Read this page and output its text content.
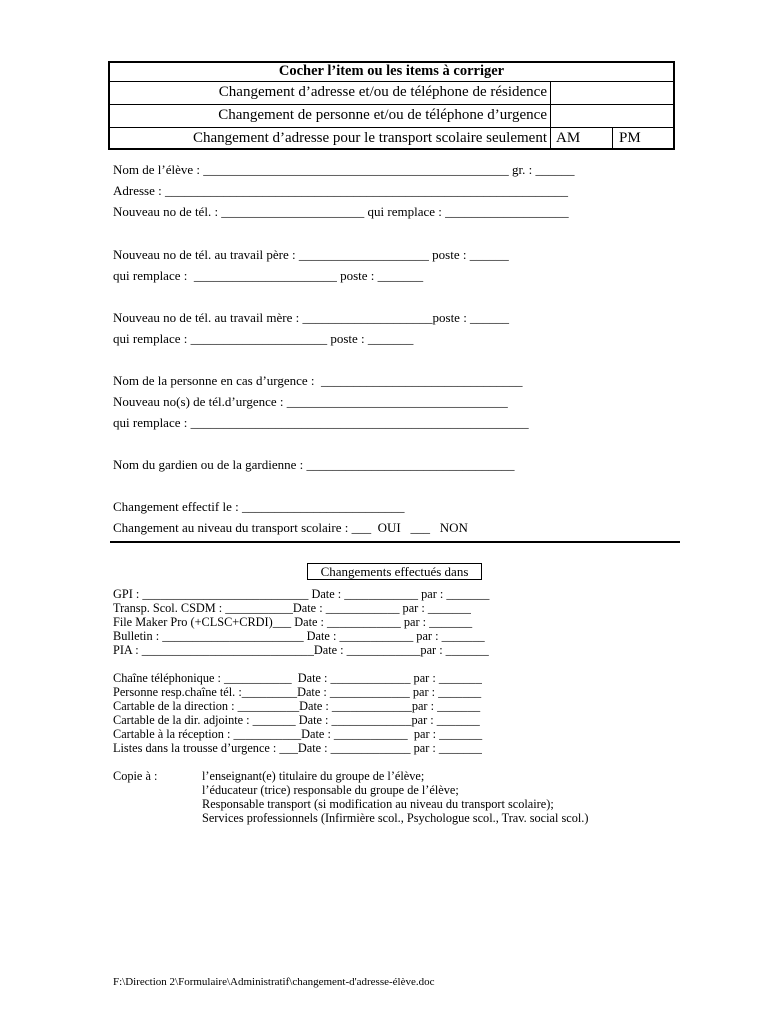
Cocher l’item ou les items à corriger
Changement d’adresse et/ou de téléphone de résidence
Changement de personne et/ou de téléphone d’urgence
Changement d’adresse pour le transport scolaire seulement AM	PM
Nom de l’élève : _______________________________________________ gr. : ______
Adresse : ______________________________________________________________
Nouveau no de tél. : ______________________ qui remplace : ___________________
Nouveau no de tél. au travail père : ____________________ poste : ______
qui remplace :  ______________________ poste : _______
Nouveau no de tél. au travail mère : ____________________poste : ______
qui remplace : _____________________ poste : _______
Nom de la personne en cas d’urgence :  _______________________________
Nouveau no(s) de tél.d’urgence : __________________________________
qui remplace : ____________________________________________________
Nom du gardien ou de la gardienne : ________________________________
Changement effectif le : _________________________
Changement au niveau du transport scolaire : ___  OUI   ___   NON
Changements effectués dans
GPI : ___________________________ Date : ____________ par : _______
Transp. Scol. CSDM : ___________Date : ____________ par : _______
File Maker Pro (+CLSC+CRDI)___ Date : ____________ par : _______
Bulletin : _______________________ Date : ____________ par : _______
PIA : ____________________________Date : ____________par : _______
Chaîne téléphonique : ___________  Date : _____________ par : _______
Personne resp.chaîne tél. :_________Date : _____________ par : _______
Cartable de la direction : __________Date : _____________par : _______
Cartable de la dir. adjointe : _______ Date : _____________par : _______
Cartable à la réception : ___________Date : ____________  par : _______
Listes dans la trousse d’urgence : ___Date : _____________ par : _______
Copie à :	l’enseignant(e) titulaire du groupe de l’élève;
l’éducateur (trice) responsable du groupe de l’élève;
Responsable transport (si modification au niveau du transport scolaire);
Services professionnels (Infirmière scol., Psychologue scol., Trav. social scol.)
F:\Direction 2\Formulaire\Administratif\changement-d'adresse-élève.doc
